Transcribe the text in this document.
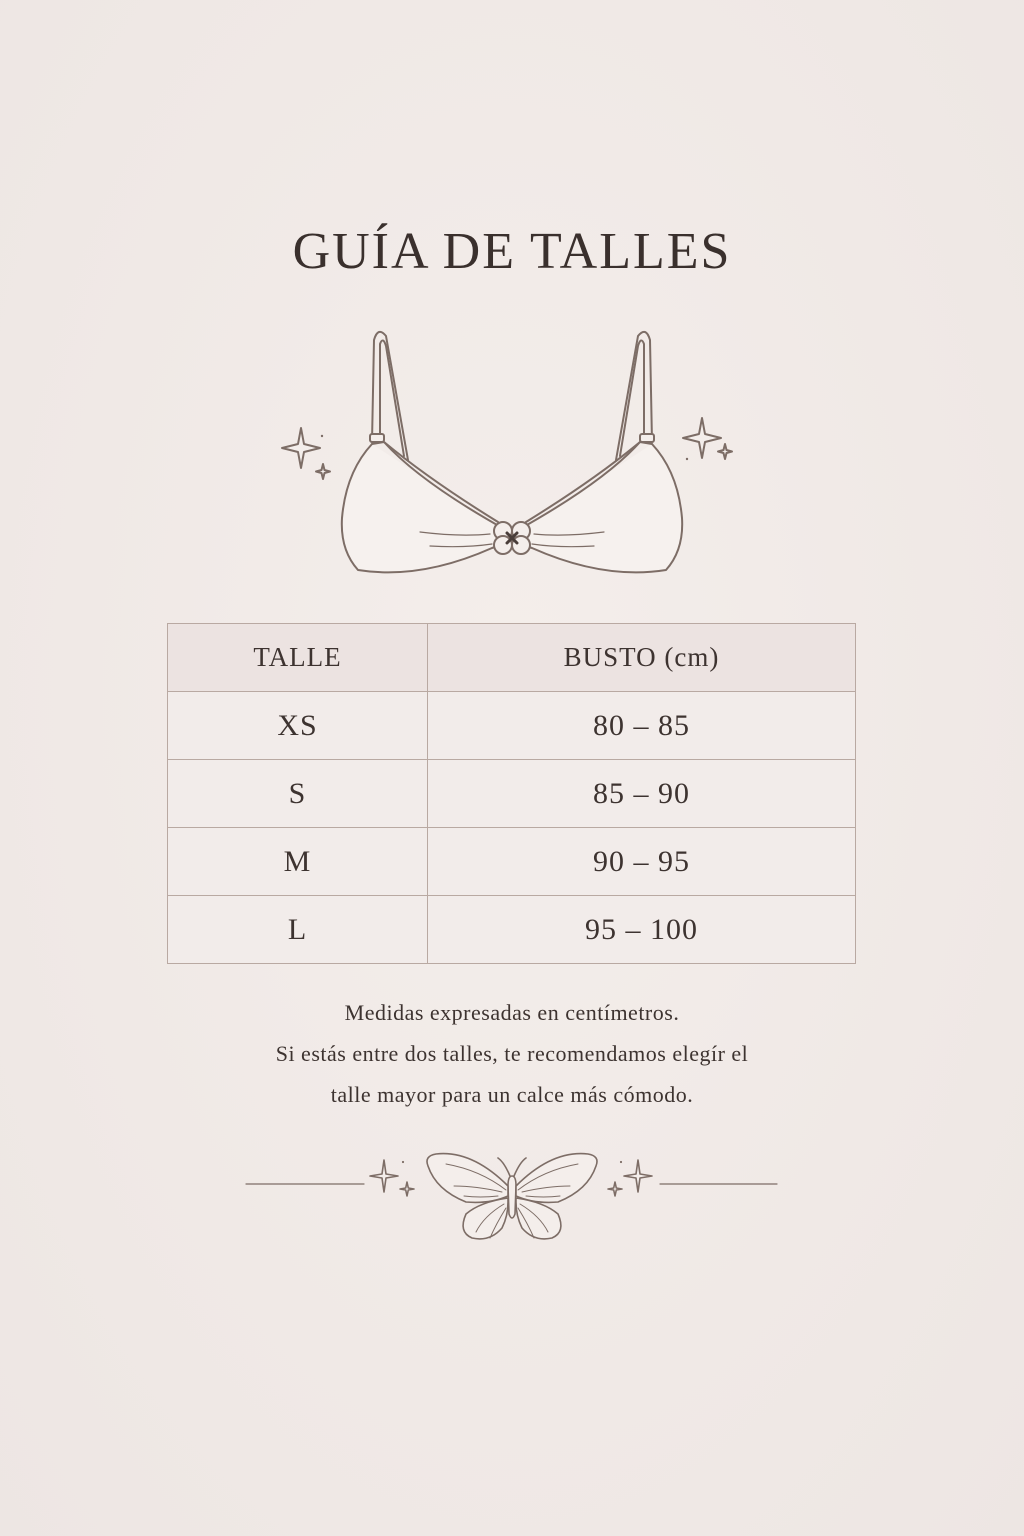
GUÍA DE TALLES
TALLE	BUSTO (cm)
XS	80 – 85
S	85 – 90
M	90 – 95
L	95 – 100

Medidas expresadas en centímetros.

Si estás entre dos talles, te recomendamos elegír el

talle mayor para un calce más cómodo.
